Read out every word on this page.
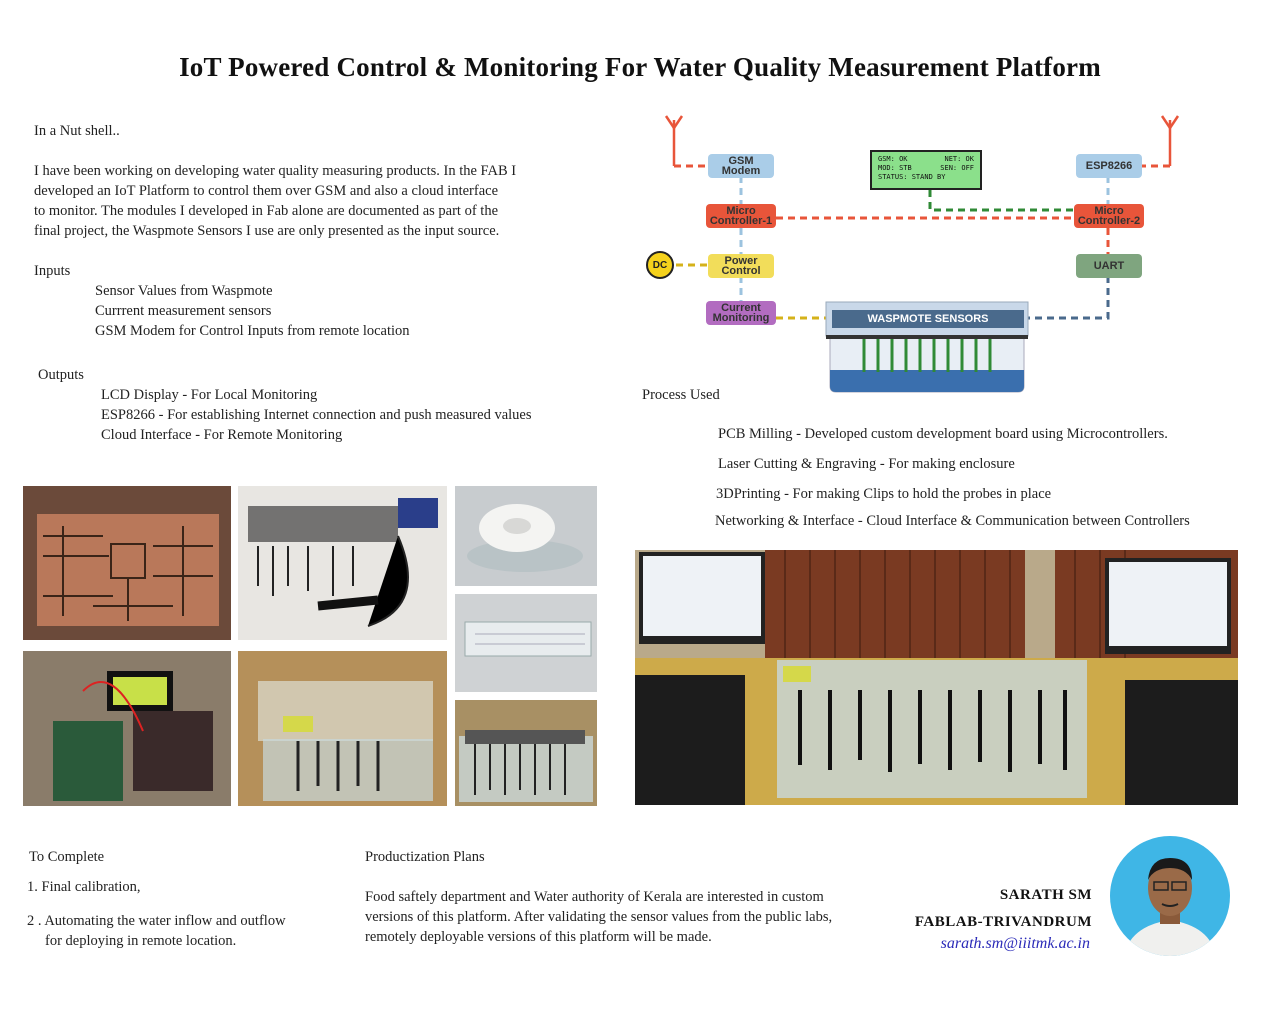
IoT Powered Control & Monitoring For Water Quality Measurement Platform
In a Nut shell..
I have been working on developing water quality measuring products. In the FAB I
developed an IoT Platform to control them over GSM and also a cloud interface
to monitor. The modules I developed in Fab alone are documented as part of the
final project, the Waspmote Sensors I use are only presented as the input source.
Inputs
Sensor Values from Waspmote
Currrent measurement sensors
GSM Modem for Control Inputs from remote location
Outputs
LCD Display - For Local Monitoring
ESP8266 - For establishing Internet connection and push measured values
Cloud Interface - For Remote Monitoring
GSM
Modem
Micro
Controller-1
Power
Control
DC
Current
Monitoring
ESP8266
Micro
Controller-2
UART
WASPMOTE SENSORS
GSM: OK	NET: OK
MOD: STB	SEN: OFF
STATUS: STAND BY
Process Used
PCB Milling - Developed custom development board using Microcontrollers.
Laser Cutting & Engraving - For making enclosure
3DPrinting - For making Clips to hold the probes in place
Networking & Interface - Cloud Interface & Communication between Controllers
To Complete
1. Final calibration,
2 . Automating the water inflow and outflow
for deploying in remote location.
Productization Plans
Food saftely department and Water authority of Kerala are interested in custom
versions of this platform. After validating the sensor values from the public labs,
remotely deployable versions of this platform will be made.
SARATH SM
FABLAB-TRIVANDRUM
sarath.sm@iiitmk.ac.in
